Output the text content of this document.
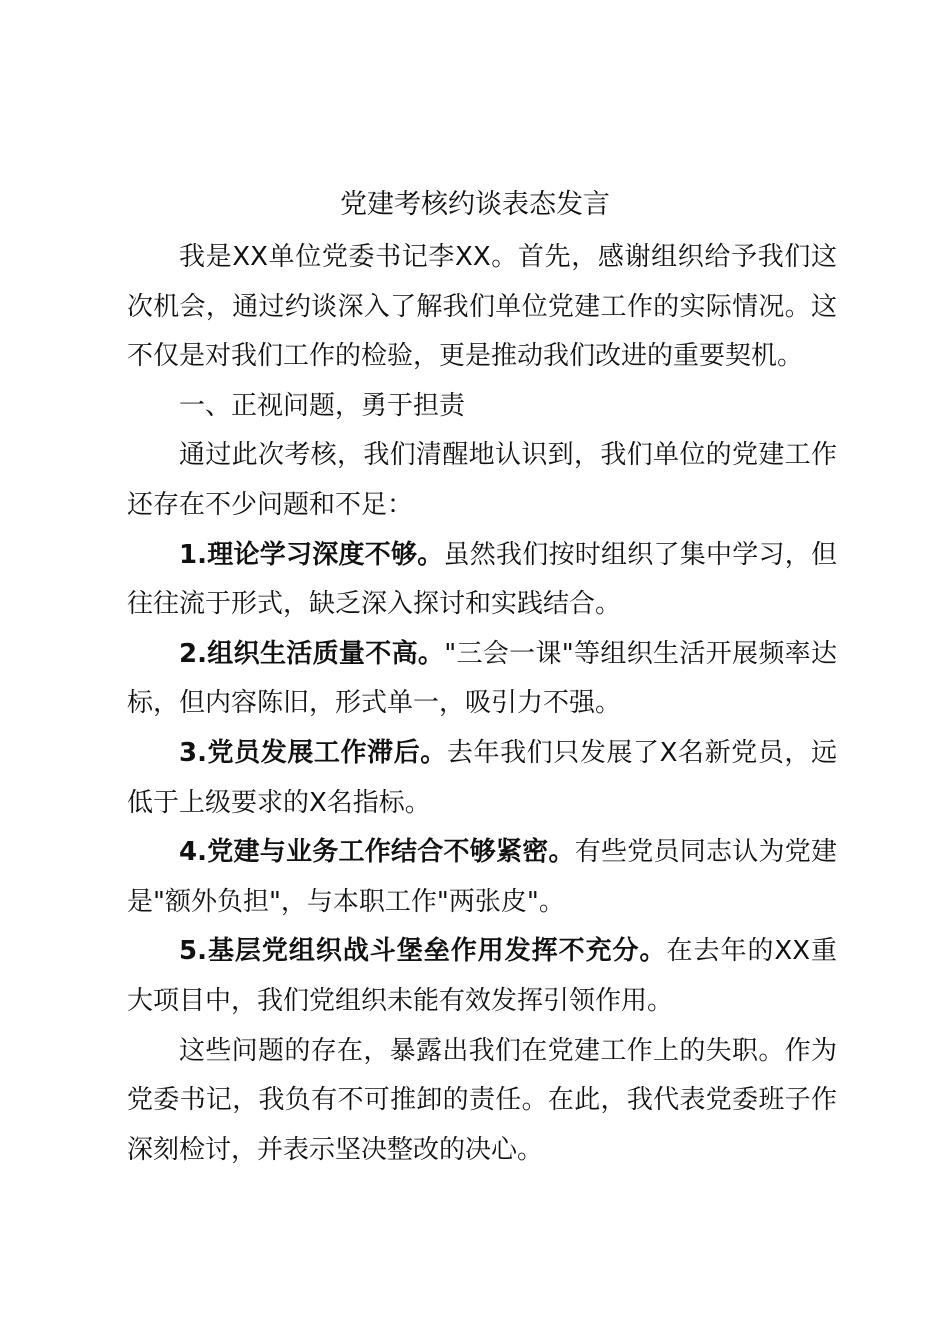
党建考核约谈表态发言

我是XX单位党委书记李XX。首先，感谢组织给予我们这次机会，通过约谈深入了解我们单位党建工作的实际情况。这不仅是对我们工作的检验，更是推动我们改进的重要契机。

一、正视问题，勇于担责

通过此次考核，我们清醒地认识到，我们单位的党建工作还存在不少问题和不足：

1.理论学习深度不够。虽然我们按时组织了集中学习，但往往流于形式，缺乏深入探讨和实践结合。

2.组织生活质量不高。"三会一课"等组织生活开展频率达标，但内容陈旧，形式单一，吸引力不强。

3.党员发展工作滞后。去年我们只发展了X名新党员，远低于上级要求的X名指标。

4.党建与业务工作结合不够紧密。有些党员同志认为党建是"额外负担"，与本职工作"两张皮"。

5.基层党组织战斗堡垒作用发挥不充分。在去年的XX重大项目中，我们党组织未能有效发挥引领作用。

这些问题的存在，暴露出我们在党建工作上的失职。作为党委书记，我负有不可推卸的责任。在此，我代表党委班子作深刻检讨，并表示坚决整改的决心。
